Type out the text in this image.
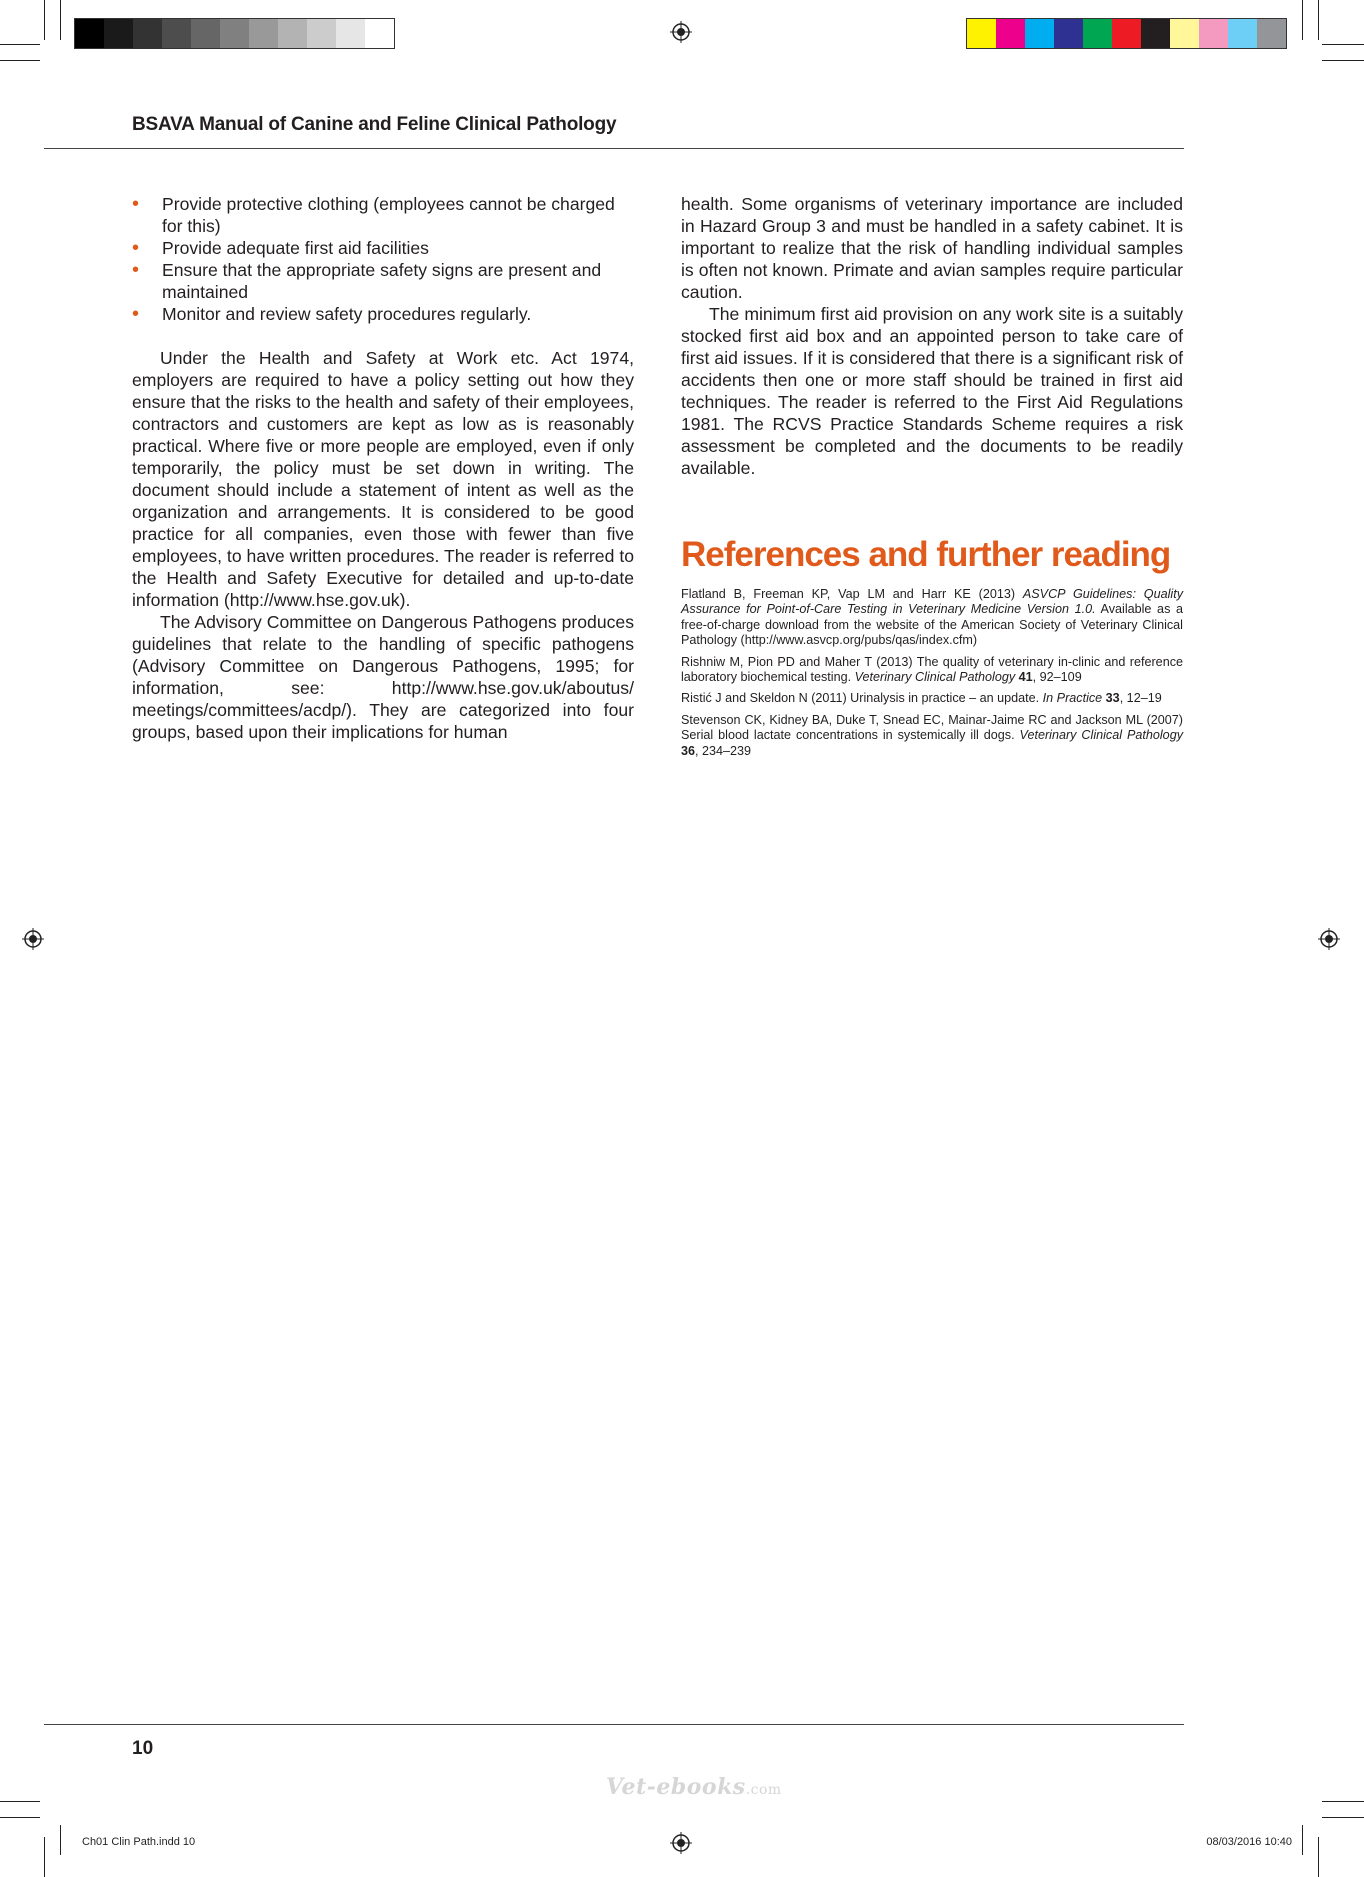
BSAVA Manual of Canine and Feline Clinical Pathology
• Provide protective clothing (employees cannot be charged for this)
• Provide adequate first aid facilities
• Ensure that the appropriate safety signs are present and maintained
• Monitor and review safety procedures regularly.

Under the Health and Safety at Work etc. Act 1974, employers are required to have a policy setting out how they ensure that the risks to the health and safety of their employees, contractors and customers are kept as low as is reasonably practical. Where five or more people are employed, even if only temporarily, the policy must be set down in writing. The document should include a statement of intent as well as the organization and arrangements. It is considered to be good practice for all companies, even those with fewer than five employees, to have written procedures. The reader is referred to the Health and Safety Executive for detailed and up-to-date information (http://www.hse.gov.uk).

The Advisory Committee on Dangerous Pathogens produces guidelines that relate to the handling of specific pathogens (Advisory Committee on Dangerous Pathogens, 1995; for information, see: http://www.hse.gov.uk/aboutus/ meetings/committees/acdp/). They are categorized into four groups, based upon their implications for human

health. Some organisms of veterinary importance are included in Hazard Group 3 and must be handled in a safety cabinet. It is important to realize that the risk of handling individual samples is often not known. Primate and avian samples require particular caution.

The minimum first aid provision on any work site is a suitably stocked first aid box and an appointed person to take care of first aid issues. If it is considered that there is a significant risk of accidents then one or more staff should be trained in first aid techniques. The reader is referred to the First Aid Regulations 1981. The RCVS Practice Standards Scheme requires a risk assessment be completed and the documents to be readily available.

References and further reading

Flatland B, Freeman KP, Vap LM and Harr KE (2013) ASVCP Guidelines: Quality Assurance for Point-of-Care Testing in Veterinary Medicine Version 1.0. Available as a free-of-charge download from the website of the American Society of Veterinary Clinical Pathology (http://www.asvcp.org/pubs/qas/index.cfm)

Rishniw M, Pion PD and Maher T (2013) The quality of veterinary in-clinic and reference laboratory biochemical testing. Veterinary Clinical Pathology 41, 92–109

Ristić J and Skeldon N (2011) Urinalysis in practice – an update. In Practice 33, 12–19

Stevenson CK, Kidney BA, Duke T, Snead EC, Mainar-Jaime RC and Jackson ML (2007) Serial blood lactate concentrations in systemically ill dogs. Veterinary Clinical Pathology 36, 234–239

10
Vet-ebooks.com
Ch01 Clin Path.indd 10	08/03/2016 10:40
